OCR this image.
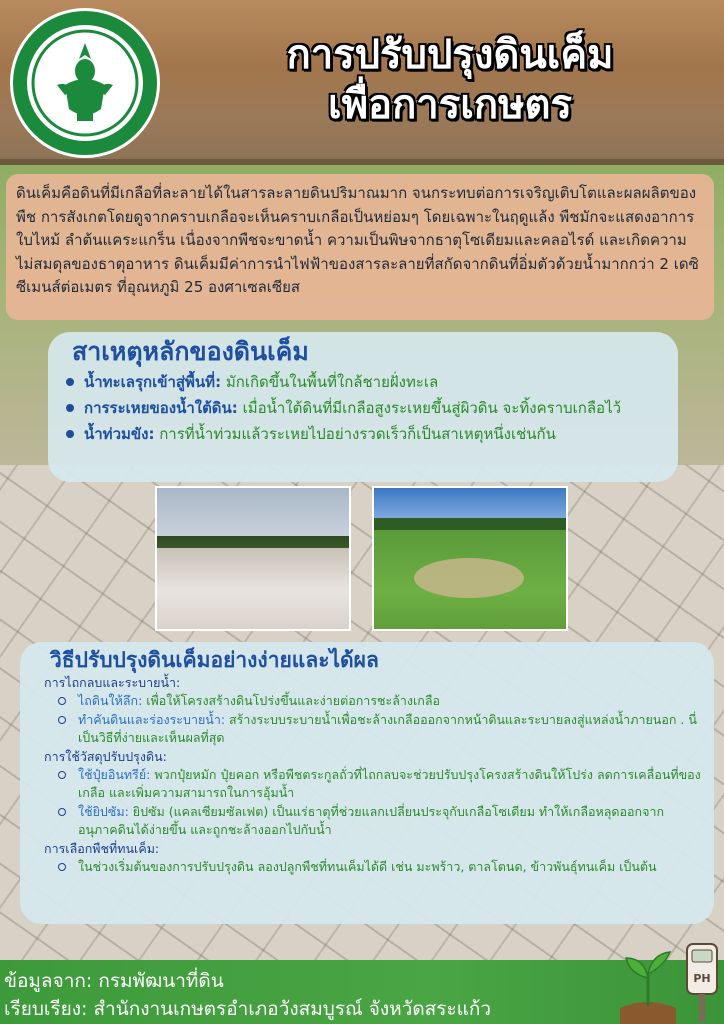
การปรับปรุงดินเค็ม
เพื่อการเกษตร
ดินเค็มคือดินที่มีเกลือที่ละลายได้ในสารละลายดินปริมาณมาก จนกระทบต่อการเจริญเติบโตและผลผลิตของพืช การสังเกตโดยดูจากคราบเกลือจะเห็นคราบเกลือเป็นหย่อมๆ โดยเฉพาะในฤดูแล้ง พืชมักจะแสดงอาการใบไหม้ ลำต้นแคระแกร็น เนื่องจากพืชจะขาดน้ำ ความเป็นพิษจากธาตุโซเดียมและคลอไรด์ และเกิดความไม่สมดุลของธาตุอาหาร ดินเค็มมีค่าการนำไฟฟ้าของสารละลายที่สกัดจากดินที่อิ่มตัวด้วยน้ำมากกว่า 2 เดซิซีเมนส์ต่อเมตร ที่อุณหภูมิ 25 องศาเซลเซียส
สาเหตุหลักของดินเค็ม
น้ำทะเลรุกเข้าสู่พื้นที่: มักเกิดขึ้นในพื้นที่ใกล้ชายฝั่งทะเล
การระเหยของน้ำใต้ดิน: เมื่อน้ำใต้ดินที่มีเกลือสูงระเหยขึ้นสู่ผิวดิน จะทิ้งคราบเกลือไว้
น้ำท่วมขัง: การที่น้ำท่วมแล้วระเหยไปอย่างรวดเร็วก็เป็นสาเหตุหนึ่งเช่นกัน
วิธีปรับปรุงดินเค็มอย่างง่ายและได้ผล
การไถกลบและระบายน้ำ:
ไถดินให้ลึก: เพื่อให้โครงสร้างดินโปร่งขึ้นและง่ายต่อการชะล้างเกลือ
ทำคันดินและร่องระบายน้ำ: สร้างระบบระบายน้ำเพื่อชะล้างเกลือออกจากหน้าดินและระบายลงสู่แหล่งน้ำภายนอก . นี่เป็นวิธีที่ง่ายและเห็นผลที่สุด
การใช้วัสดุปรับปรุงดิน:
ใช้ปุ๋ยอินทรีย์: พวกปุ๋ยหมัก ปุ๋ยคอก หรือพืชตระกูลถั่วที่ไถกลบจะช่วยปรับปรุงโครงสร้างดินให้โปร่ง ลดการเคลื่อนที่ของเกลือ และเพิ่มความสามารถในการอุ้มน้ำ
ใช้ยิปซัม: ยิปซัม (แคลเซียมซัลเฟต) เป็นแร่ธาตุที่ช่วยแลกเปลี่ยนประจุกับเกลือโซเดียม ทำให้เกลือหลุดออกจากอนุภาคดินได้ง่ายขึ้น และถูกชะล้างออกไปกับน้ำ
การเลือกพืชที่ทนเค็ม:
ในช่วงเริ่มต้นของการปรับปรุงดิน ลองปลูกพืชที่ทนเค็มได้ดี เช่น มะพร้าว, ตาลโตนด, ข้าวพันธุ์ทนเค็ม เป็นต้น
ข้อมูลจาก: กรมพัฒนาที่ดิน
เรียบเรียง: สำนักงานเกษตรอำเภอวังสมบูรณ์ จังหวัดสระแก้ว
PH
